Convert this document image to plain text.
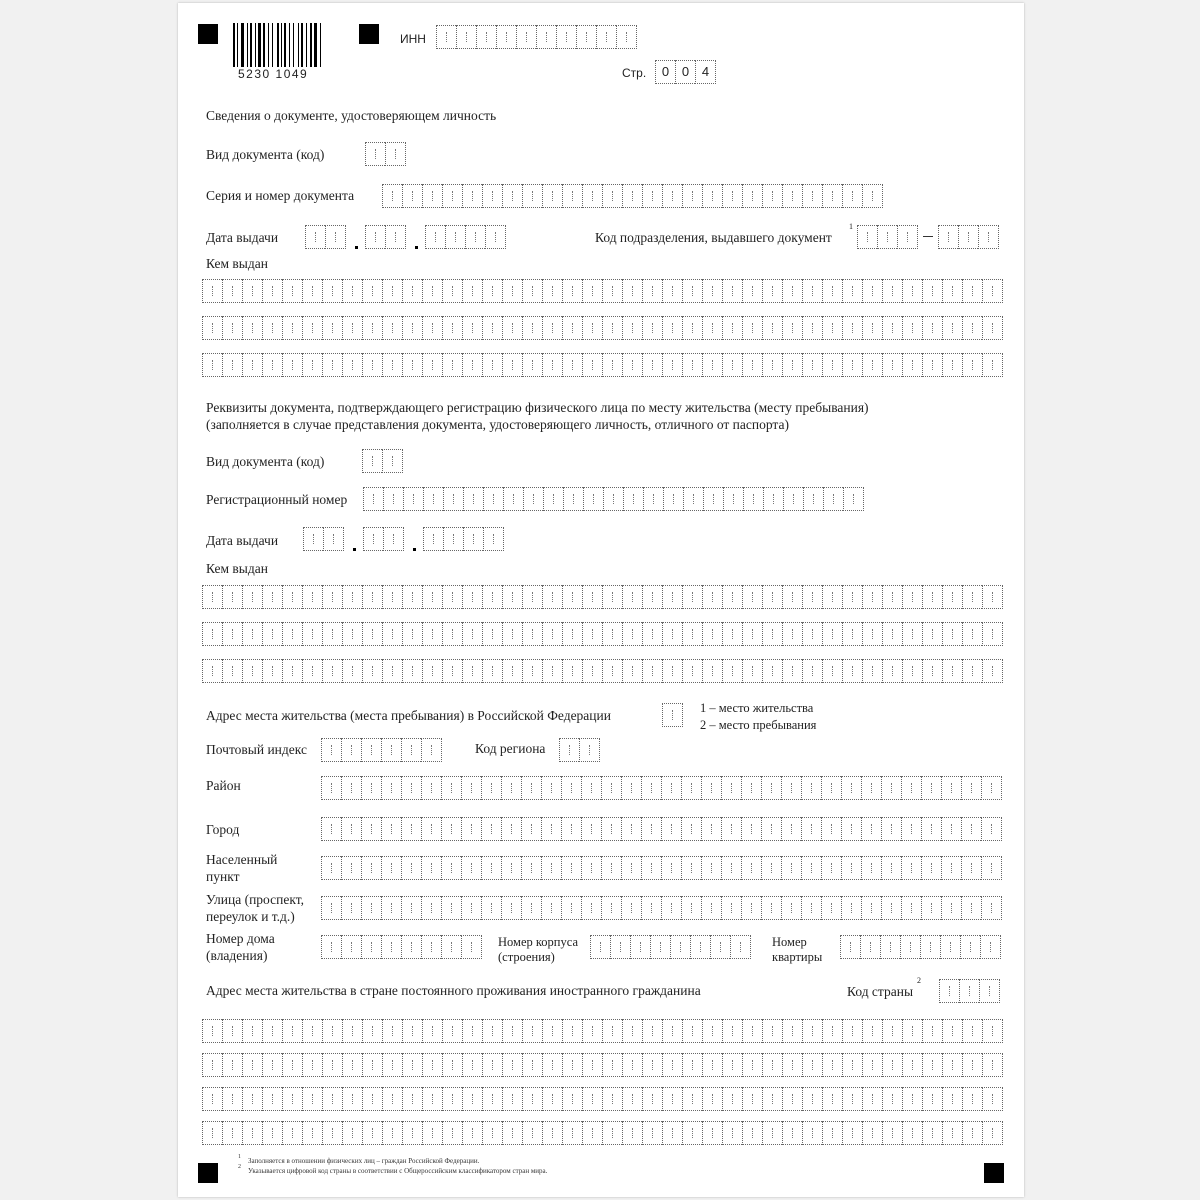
5230 1049
ИНН
Стр.	0 0 4
Сведения о документе, удостоверяющем личность
Вид документа (код)
Серия и номер документа
Дата выдачи	Код подразделения, выдавшего документ
1
Кем выдан
Реквизиты документа, подтверждающего регистрацию физического лица по месту жительства (месту пребывания)
(заполняется в случае представления документа, удостоверяющего личность, отличного от паспорта)
Вид документа (код)
Регистрационный номер
Дата выдачи
Кем выдан
Адрес места жительства (места пребывания) в Российской Федерации	1 – место жительства
2 – место пребывания
Почтовый индекс	Код региона
Район
Город
Населенный
пункт
Улица (проспект,
переулок и т.д.)
Номер дома
(владения)
Номер корпуса
(строения)
Номер
квартиры
Адрес места жительства в стране постоянного проживания иностранного гражданина	Код страны
2
1 Заполняется в отношении физических лиц – граждан Российской Федерации.
2 Указывается цифровой код страны в соответствии с Общероссийским классификатором стран мира.
